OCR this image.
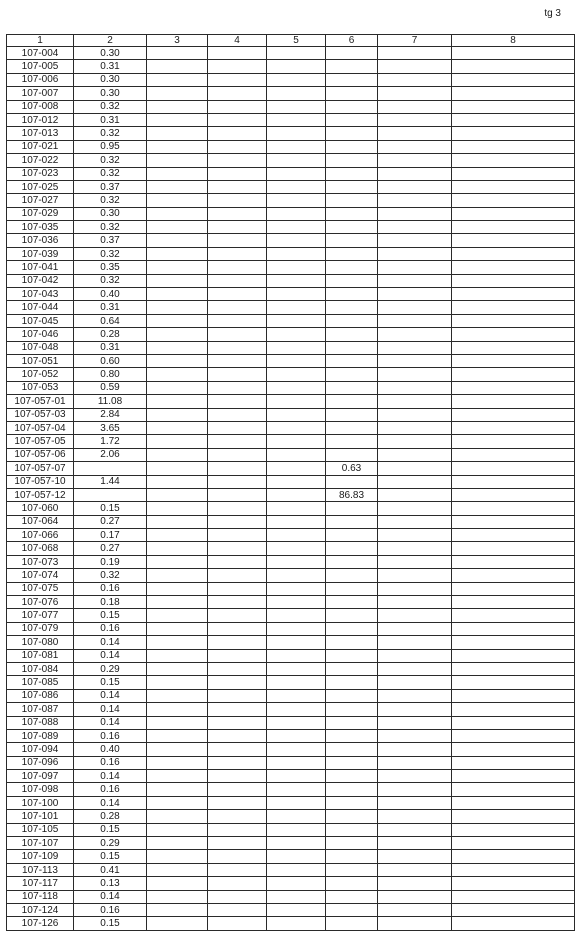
tg 3
1	2	3	4	5	6	7	8
107-004	0.30						
107-005	0.31						
107-006	0.30						
107-007	0.30						
107-008	0.32						
107-012	0.31						
107-013	0.32						
107-021	0.95						
107-022	0.32						
107-023	0.32						
107-025	0.37						
107-027	0.32						
107-029	0.30						
107-035	0.32						
107-036	0.37						
107-039	0.32						
107-041	0.35						
107-042	0.32						
107-043	0.40						
107-044	0.31						
107-045	0.64						
107-046	0.28						
107-048	0.31						
107-051	0.60						
107-052	0.80						
107-053	0.59						
107-057-01	11.08						
107-057-03	2.84						
107-057-04	3.65						
107-057-05	1.72						
107-057-06	2.06						
107-057-07					0.63		
107-057-10	1.44						
107-057-12					86.83		
107-060	0.15						
107-064	0.27						
107-066	0.17						
107-068	0.27						
107-073	0.19						
107-074	0.32						
107-075	0.16						
107-076	0.18						
107-077	0.15						
107-079	0.16						
107-080	0.14						
107-081	0.14						
107-084	0.29						
107-085	0.15						
107-086	0.14						
107-087	0.14						
107-088	0.14						
107-089	0.16						
107-094	0.40						
107-096	0.16						
107-097	0.14						
107-098	0.16						
107-100	0.14						
107-101	0.28						
107-105	0.15						
107-107	0.29						
107-109	0.15						
107-113	0.41						
107-117	0.13						
107-118	0.14						
107-124	0.16						
107-126	0.15						
